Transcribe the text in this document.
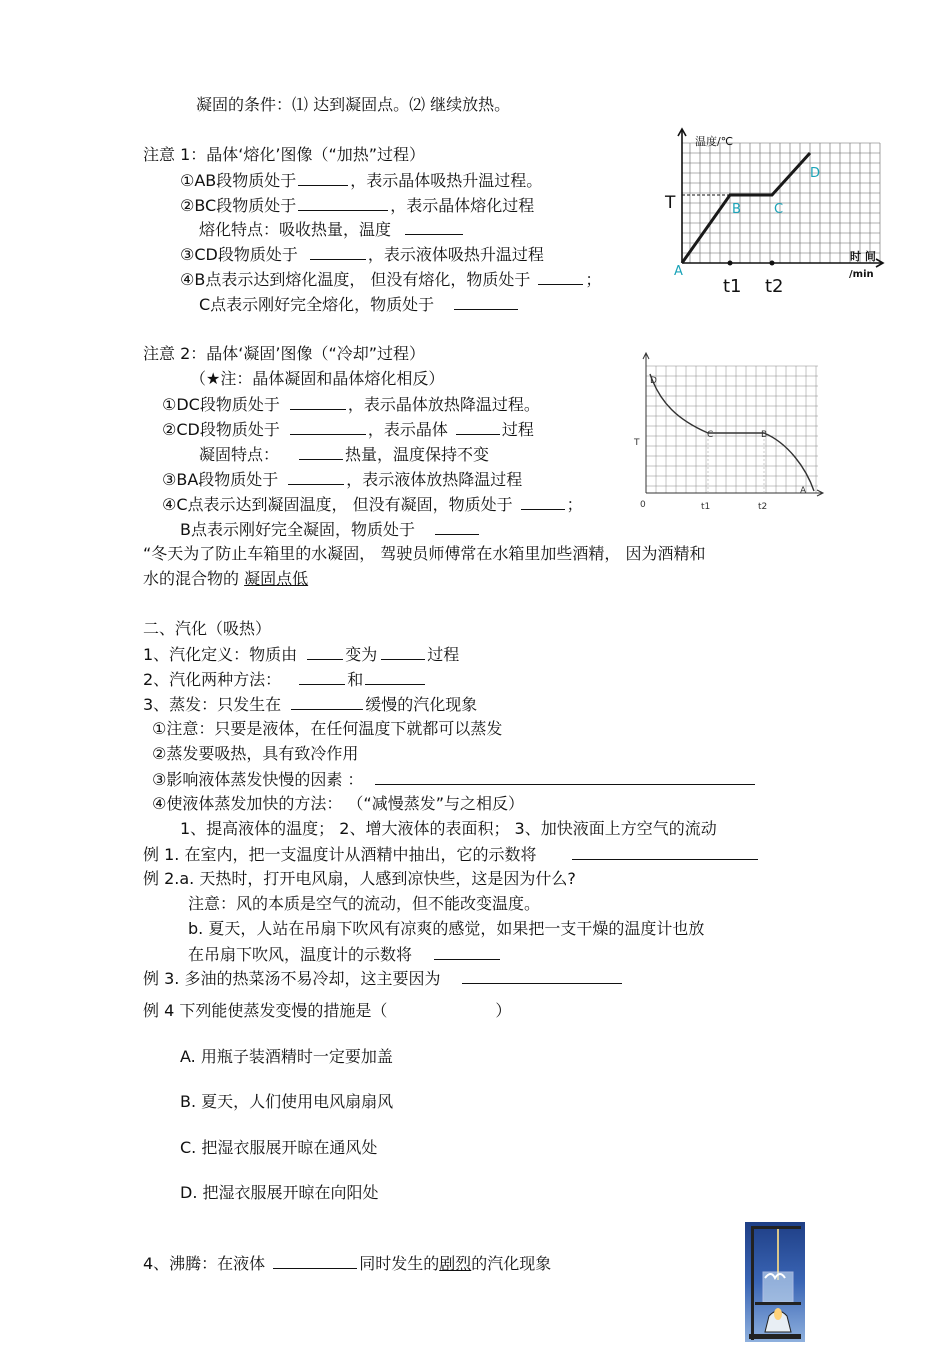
凝固的条件：⑴ 达到凝固点。⑵ 继续放热。
注意 1：晶体‘熔化’图像（“加热”过程）
①AB段物质处于	，表示晶体吸热升温过程。
②BC段物质处于	，表示晶体熔化过程
熔化特点：吸收热量，温度
③CD段物质处于	，表示液体吸热升温过程
④B点表示达到熔化温度， 但没有熔化，物质处于	；
C点表示刚好完全熔化，物质处于
注意 2：晶体‘凝固’图像（“冷却”过程）
（★注：晶体凝固和晶体熔化相反）
①DC段物质处于	，表示晶体放热降温过程。
②CD段物质处于	，表示晶体	过程
凝固特点：	热量，温度保持不变
③BA段物质处于	，表示液体放热降温过程
④C点表示达到凝固温度， 但没有凝固，物质处于	；
B点表示刚好完全凝固，物质处于
“冬天为了防止车箱里的水凝固， 驾驶员师傅常在水箱里加些酒精， 因为酒精和
水的混合物的 凝固点低
二、汽化（吸热）
1、汽化定义：物质由	变为	过程
2、汽化两种方法：	和
3、蒸发：只发生在	缓慢的汽化现象
①注意：只要是液体，在任何温度下就都可以蒸发
②蒸发要吸热，具有致冷作用
③影响液体蒸发快慢的因素 ：
④使液体蒸发加快的方法： （“减慢蒸发”与之相反）
1、提高液体的温度； 2、增大液体的表面积； 3、加快液面上方空气的流动
例 1. 在室内，把一支温度计从酒精中抽出，它的示数将
例 2.a. 天热时，打开电风扇，人感到凉快些，这是因为什么?
注意：风的本质是空气的流动，但不能改变温度。
b. 夏天，人站在吊扇下吹风有凉爽的感觉，如果把一支干燥的温度计也放
在吊扇下吹风，温度计的示数将
例 3. 多油的热菜汤不易冷却，这主要因为
例 4 下列能使蒸发变慢的措施是（	）
A. 用瓶子装酒精时一定要加盖
B. 夏天，人们使用电风扇扇风
C. 把湿衣服展开晾在通风处
D. 把湿衣服展开晾在向阳处
4、沸腾：在液体	同时发生的剧烈的汽化现象
温度/℃
T
A
B	C
D
t1 t2
时 间
/min
D
C	B
A
T
0	t1	t2
